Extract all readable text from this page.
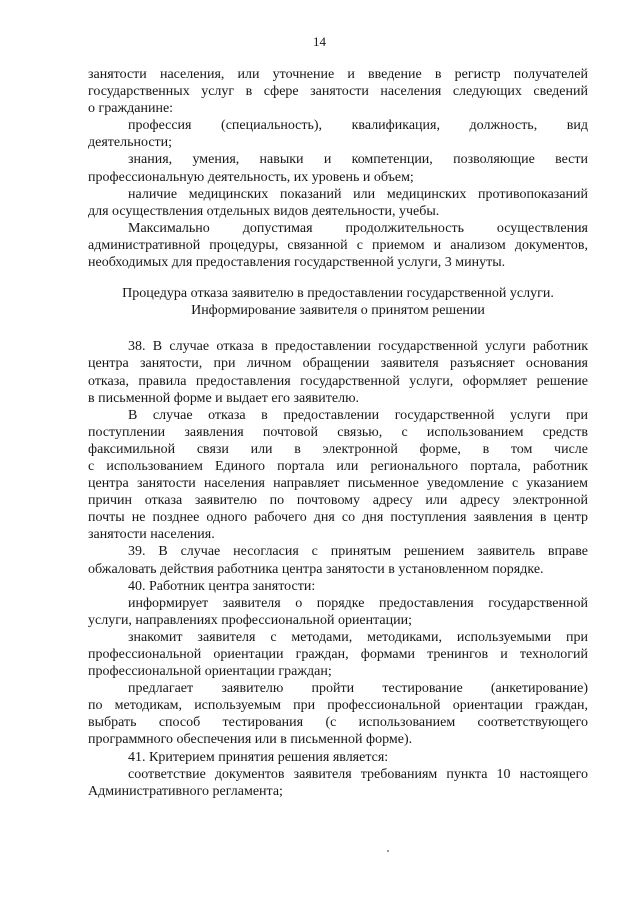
14
занятости населения, или уточнение и введение в регистр получателей
государственных услуг в сфере занятости населения следующих сведений
о гражданине:
профессия (специальность), квалификация, должность, вид
деятельности;
знания, умения, навыки и компетенции, позволяющие вести
профессиональную деятельность, их уровень и объем;
наличие медицинских показаний или медицинских противопоказаний
для осуществления отдельных видов деятельности, учебы.
Максимально допустимая продолжительность осуществления
административной процедуры, связанной с приемом и анализом документов,
необходимых для предоставления государственной услуги, 3 минуты.
Процедура отказа заявителю в предоставлении государственной услуги.
Информирование заявителя о принятом решении
38. В случае отказа в предоставлении государственной услуги работник
центра занятости, при личном обращении заявителя разъясняет основания
отказа, правила предоставления государственной услуги, оформляет решение
в письменной форме и выдает его заявителю.
В случае отказа в предоставлении государственной услуги при
поступлении заявления почтовой связью, с использованием средств
факсимильной связи или в электронной форме, в том числе
с использованием Единого портала или регионального портала, работник
центра занятости населения направляет письменное уведомление с указанием
причин отказа заявителю по почтовому адресу или адресу электронной
почты не позднее одного рабочего дня со дня поступления заявления в центр
занятости населения.
39. В случае несогласия с принятым решением заявитель вправе
обжаловать действия работника центра занятости в установленном порядке.
40. Работник центра занятости:
информирует заявителя о порядке предоставления государственной
услуги, направлениях профессиональной ориентации;
знакомит заявителя с методами, методиками, используемыми при
профессиональной ориентации граждан, формами тренингов и технологий
профессиональной ориентации граждан;
предлагает заявителю пройти тестирование (анкетирование)
по методикам, используемым при профессиональной ориентации граждан,
выбрать способ тестирования (с использованием соответствующего
программного обеспечения или в письменной форме).
41. Критерием принятия решения является:
соответствие документов заявителя требованиям пункта 10 настоящего
Административного регламента;
